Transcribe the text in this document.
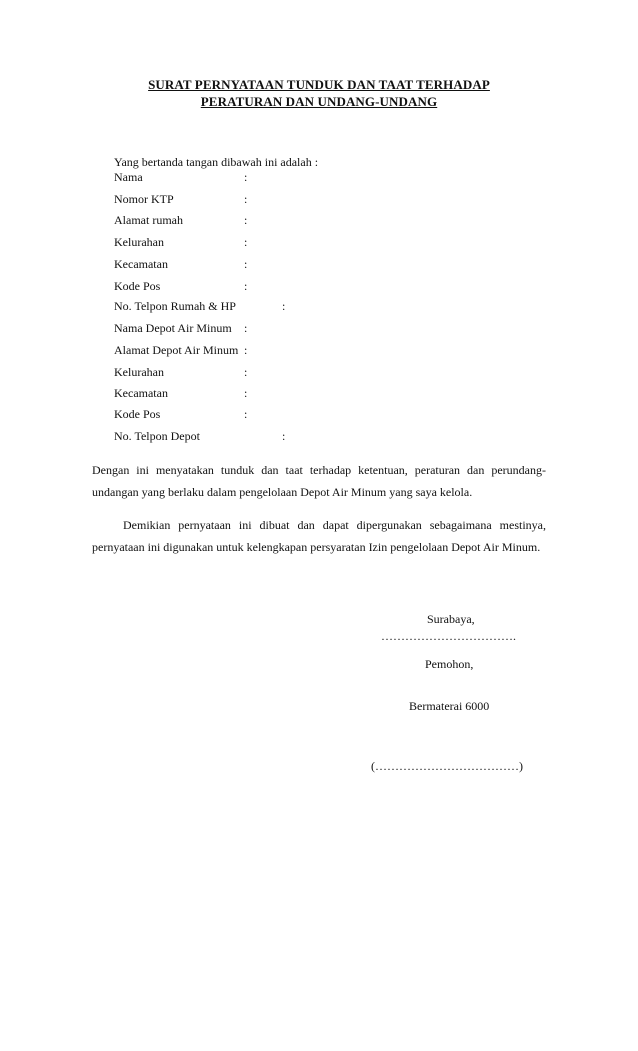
SURAT PERNYATAAN TUNDUK DAN TAAT TERHADAP
PERATURAN DAN UNDANG-UNDANG
Yang bertanda tangan dibawah ini adalah :
Nama	:
Nomor KTP	:
Alamat rumah	:
Kelurahan	:
Kecamatan	:
Kode Pos	:
No. Telpon Rumah & HP	:
Nama Depot Air Minum :
Alamat Depot Air Minum :
Kelurahan	:
Kecamatan	:
Kode Pos	:
No. Telpon Depot	:
Dengan ini menyatakan tunduk dan taat terhadap ketentuan, peraturan dan perundang-undangan yang berlaku dalam pengelolaan Depot Air Minum yang saya kelola.
Demikian pernyataan ini dibuat dan dapat dipergunakan sebagaimana mestinya, pernyataan ini digunakan untuk kelengkapan persyaratan Izin pengelolaan Depot Air Minum.
Surabaya,
…………………………….
Pemohon,
Bermaterai 6000
(………………………………)
